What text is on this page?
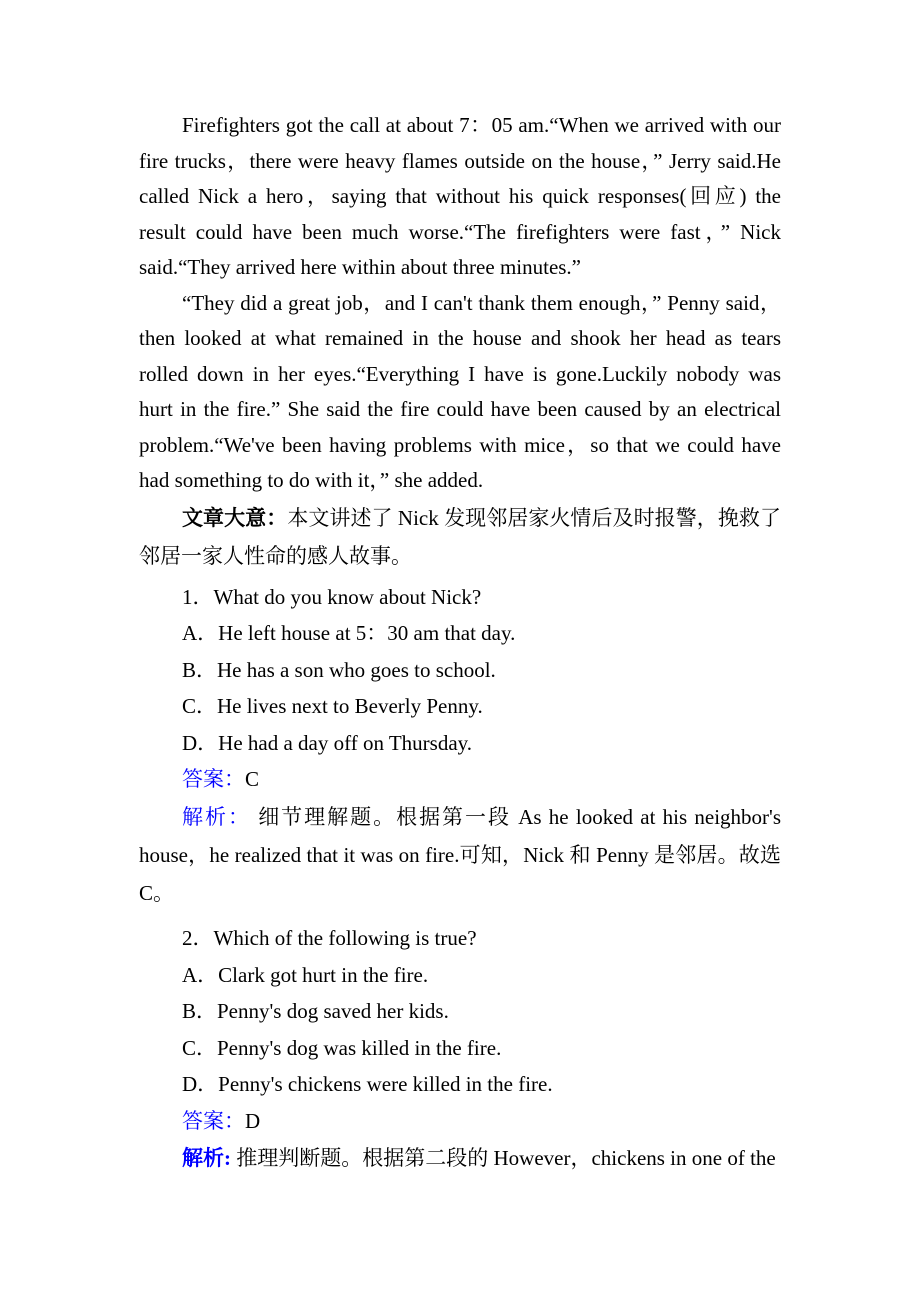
Firefighters got the call at about 7：05 am.“When we arrived with our fire trucks，there were heavy flames outside on the house，” Jerry said.He called Nick a hero，saying that without his quick responses(回应) the result could have been much worse.“The firefighters were fast，” Nick said.“They arrived here within about three minutes.”

“They did a great job，and I can't thank them enough，” Penny said，then looked at what remained in the house and shook her head as tears rolled down in her eyes.“Everything I have is gone.Luckily nobody was hurt in the fire.” She said the fire could have been caused by an electrical problem.“We've been having problems with mice，so that we could have had something to do with it，” she added.

文章大意：本文讲述了 Nick 发现邻居家火情后及时报警，挽救了邻居一家人性命的感人故事。

1．What do you know about Nick?

A．He left house at 5：30 am that day.

B．He has a son who goes to school.

C．He lives next to Beverly Penny.

D．He had a day off on Thursday.

答案：C

解析： 细节理解题。根据第一段 As he looked at his neighbor's house，he realized that it was on fire.可知，Nick 和 Penny 是邻居。故选 C。

2．Which of the following is true?

A．Clark got hurt in the fire.

B．Penny's dog saved her kids.

C．Penny's dog was killed in the fire.

D．Penny's chickens were killed in the fire.

答案：D

解析: 推理判断题。根据第二段的 However，chickens in one of the
